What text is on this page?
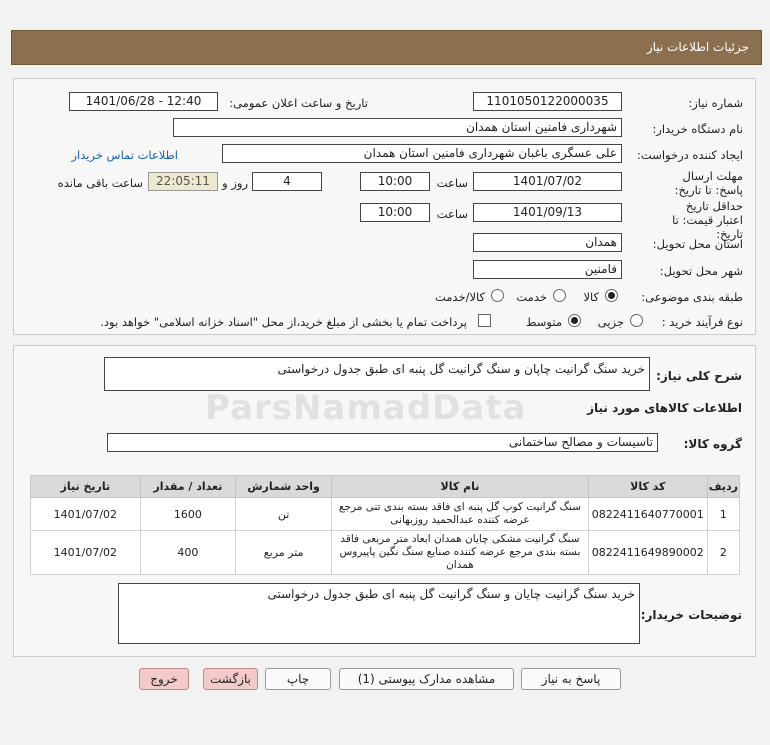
جزئیات اطلاعات نیاز
شماره نیاز:
1101050122000035
تاریخ و ساعت اعلان عمومی:
1401/06/28 - 12:40
نام دستگاه خریدار:
شهرداری فامنین استان همدان
ایجاد کننده درخواست:
علی عسگری باغبان شهرداری فامنین استان همدان
اطلاعات تماس خریدار
مهلت ارسال پاسخ: تا تاریخ:
1401/07/02
ساعت
10:00
4
روز و
22:05:11
ساعت باقی مانده
حداقل تاریخ اعتبار قیمت: تا تاریخ:
1401/09/13
ساعت
10:00
استان محل تحویل:
همدان
شهر محل تحویل:
فامنین
طبقه بندی موضوعی:
کالا
خدمت
کالا/خدمت
نوع فرآیند خرید :
جزیی
متوسط
پرداخت تمام یا بخشی از مبلغ خرید،از محل "اسناد خزانه اسلامی" خواهد بود.
شرح کلی نیاز:
خرید سنگ گرانیت چاپان و سنگ گرانیت گل پنبه ای طبق جدول درخواستی
اطلاعات کالاهای مورد نیاز
ParsNamadData
گروه کالا:
تاسیسات و مصالح ساختمانی
ردیف	کد کالا	نام کالا	واحد شمارش	تعداد / مقدار	تاریخ نیاز
1	0822411640770001	سنگ گرانیت کوپ گل پنبه ای فاقد بسته بندی تنی مرجع عرضه کننده عبدالحمید روزبهانی	تن	1600	1401/07/02
2	0822411649890002	سنگ گرانیت مشکی چایان همدان ابعاد متر مربعی فاقد بسته بندی مرجع عرضه کننده صنایع سنگ نگین پاپیروس همدان	متر مربع	400	1401/07/02
توضیحات خریدار:
خرید سنگ گرانیت چایان و سنگ گرانیت گل پنبه ای طبق جدول درخواستی
پاسخ به نیاز
مشاهده مدارک پیوستی (1)
چاپ
بازگشت
خروج
